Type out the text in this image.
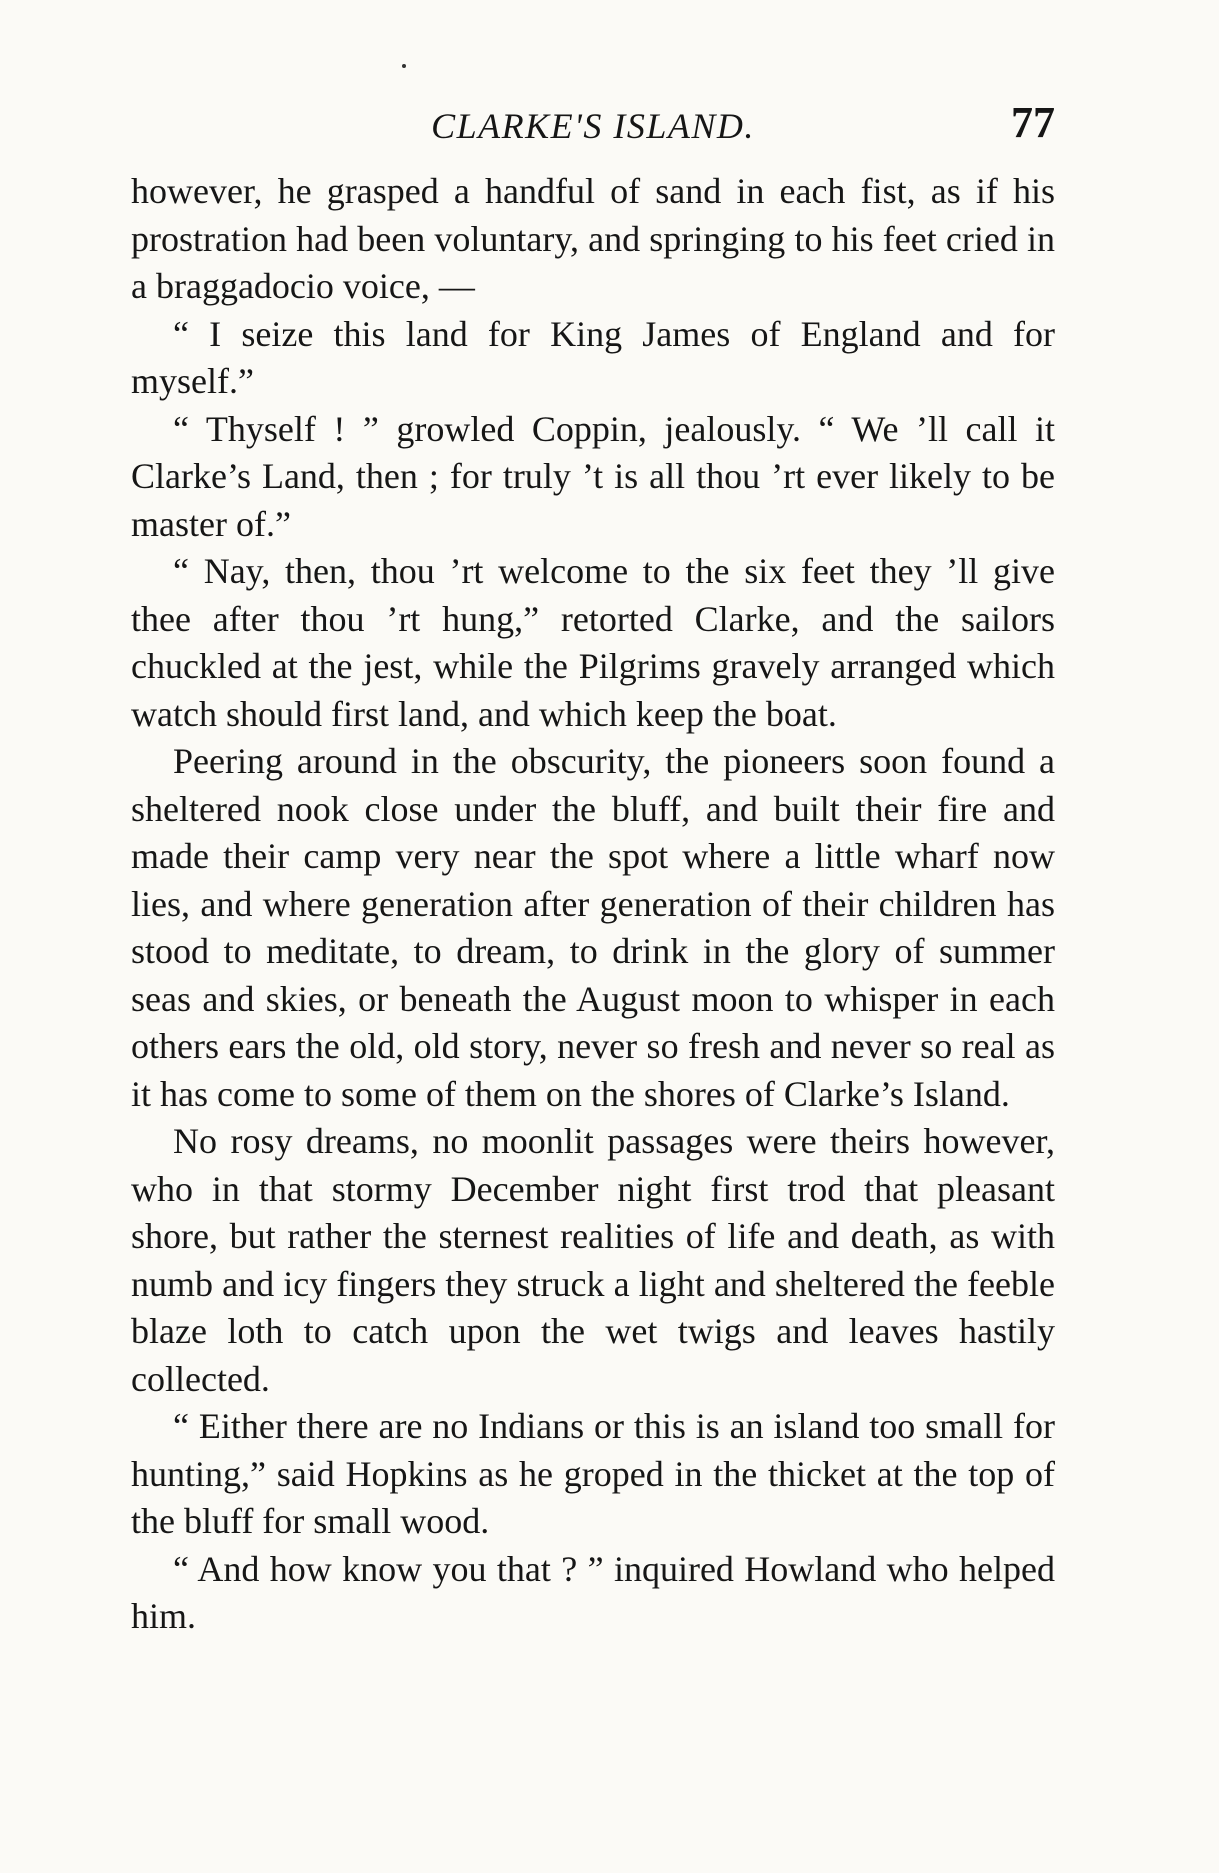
CLARKE'S ISLAND.	77

however, he grasped a handful of sand in each fist, as if his prostration had been voluntary, and springing to his feet cried in a braggadocio voice, —

“ I seize this land for King James of England and for myself.”

“ Thyself ! ” growled Coppin, jealously. “ We ’ll call it Clarke’s Land, then ; for truly ’t is all thou ’rt ever likely to be master of.”

“ Nay, then, thou ’rt welcome to the six feet they ’ll give thee after thou ’rt hung,” retorted Clarke, and the sailors chuckled at the jest, while the Pilgrims gravely arranged which watch should first land, and which keep the boat.

Peering around in the obscurity, the pioneers soon found a sheltered nook close under the bluff, and built their fire and made their camp very near the spot where a little wharf now lies, and where generation after generation of their children has stood to meditate, to dream, to drink in the glory of summer seas and skies, or beneath the August moon to whisper in each others ears the old, old story, never so fresh and never so real as it has come to some of them on the shores of Clarke’s Island.

No rosy dreams, no moonlit passages were theirs however, who in that stormy December night first trod that pleasant shore, but rather the sternest realities of life and death, as with numb and icy fingers they struck a light and sheltered the feeble blaze loth to catch upon the wet twigs and leaves hastily collected.

“ Either there are no Indians or this is an island too small for hunting,” said Hopkins as he groped in the thicket at the top of the bluff for small wood.

“ And how know you that ? ” inquired Howland who helped him.
